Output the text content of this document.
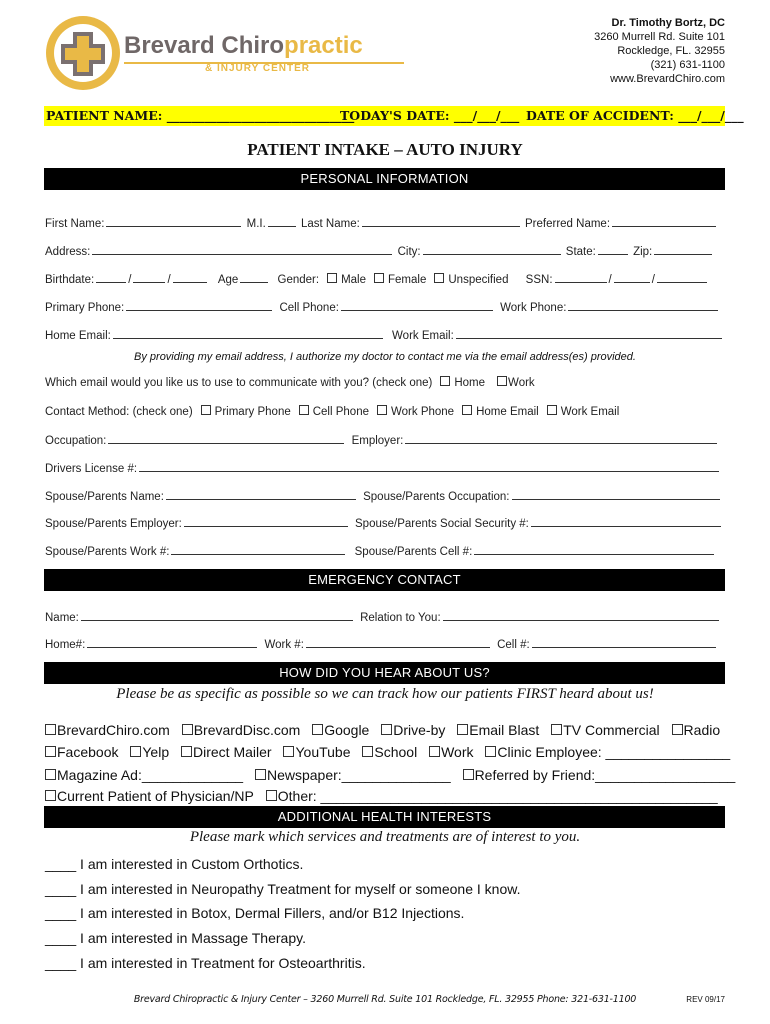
Brevard Chiropractic
& INJURY CENTER
Dr. Timothy Bortz, DC
3260 Murrell Rd. Suite 101
Rockledge, FL. 32955
(321) 631-1100
www.BrevardChiro.com
PATIENT NAME: ______________________________
TODAY'S DATE: ___/___/___ DATE OF ACCIDENT: ___/___/___
PATIENT INTAKE – AUTO INJURY
PERSONAL INFORMATION
First Name:	M.I.	Last Name:	Preferred Name:
Address:	City:	State:	Zip:
Birthdate:	/	/	Age	Gender: Male Female Unspecified SSN:	/	/
Primary Phone:	Cell Phone:	Work Phone:
Home Email:	Work Email:
By providing my email address, I authorize my doctor to contact me via the email address(es) provided.
Which email would you like us to use to communicate with you? (check one) Home Work
Contact Method: (check one) Primary Phone Cell Phone Work Phone Home Email Work Email
Occupation:	Employer:
Drivers License #:
Spouse/Parents Name:	Spouse/Parents Occupation:
Spouse/Parents Employer:	Spouse/Parents Social Security #:
Spouse/Parents Work #:	Spouse/Parents Cell #:
EMERGENCY CONTACT
Name:	Relation to You:
Home#:	Work #:	Cell #:
HOW DID YOU HEAR ABOUT US?
Please be as specific as possible so we can track how our patients FIRST heard about us!
BrevardChiro.com BrevardDisc.com Google Drive-by Email Blast TV Commercial Radio
Facebook Yelp Direct Mailer YouTube School Work Clinic Employee: ________________
Magazine Ad:_____________ Newspaper:______________ Referred by Friend:__________________
Current Patient of Physician/NP Other: ___________________________________________________
ADDITIONAL HEALTH INTERESTS
Please mark which services and treatments are of interest to you.
____ I am interested in Custom Orthotics.
____ I am interested in Neuropathy Treatment for myself or someone I know.
____ I am interested in Botox, Dermal Fillers, and/or B12 Injections.
____ I am interested in Massage Therapy.
____ I am interested in Treatment for Osteoarthritis.
Brevard Chiropractic & Injury Center – 3260 Murrell Rd. Suite 101 Rockledge, FL. 32955 Phone: 321-631-1100	REV 09/17
